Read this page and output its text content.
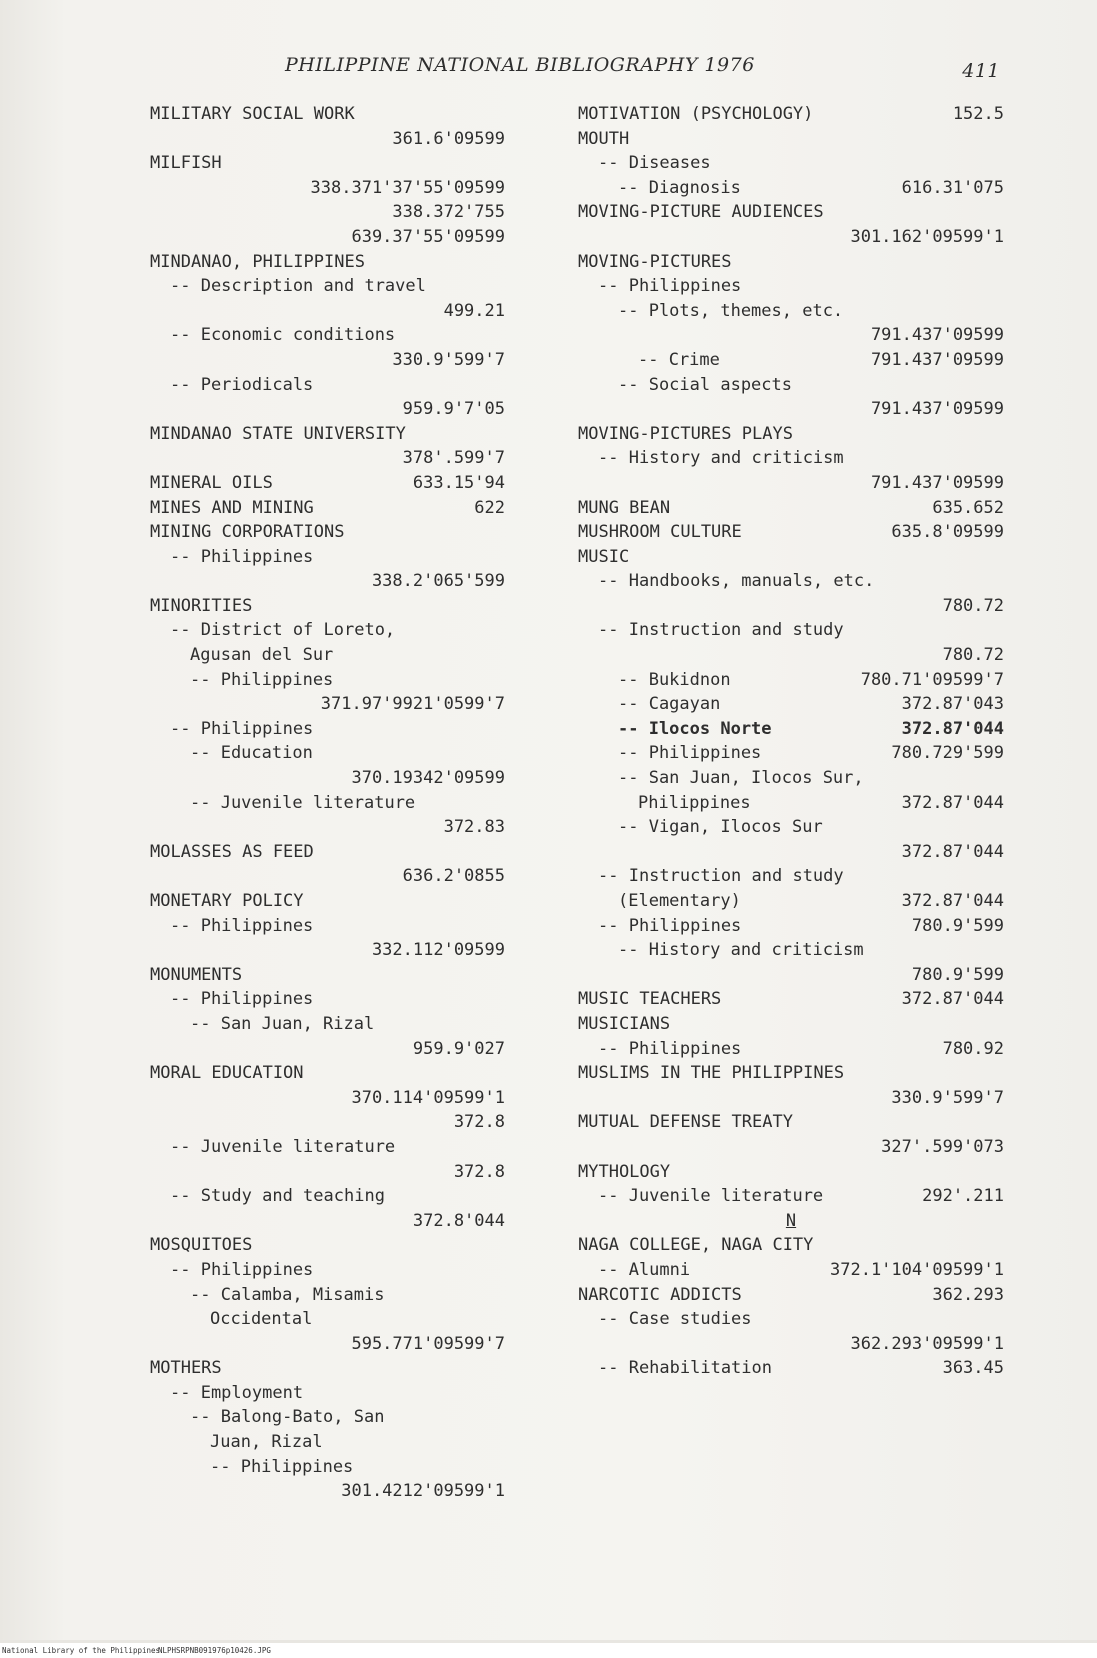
PHILIPPINE NATIONAL BIBLIOGRAPHY 1976	411
MILITARY SOCIAL WORK
361.6'09599
MILFISH
338.371'37'55'09599
338.372'755
639.37'55'09599
MINDANAO, PHILIPPINES
-- Description and travel
499.21
-- Economic conditions
330.9'599'7
-- Periodicals
959.9'7'05
MINDANAO STATE UNIVERSITY
378'.599'7
MINERAL OILS	633.15'94
MINES AND MINING	622
MINING CORPORATIONS
-- Philippines
338.2'065'599
MINORITIES
-- District of Loreto,
Agusan del Sur
-- Philippines
371.97'9921'0599'7
-- Philippines
-- Education
370.19342'09599
-- Juvenile literature
372.83
MOLASSES AS FEED
636.2'0855
MONETARY POLICY
-- Philippines
332.112'09599
MONUMENTS
-- Philippines
-- San Juan, Rizal
959.9'027
MORAL EDUCATION
370.114'09599'1
372.8
-- Juvenile literature
372.8
-- Study and teaching
372.8'044
MOSQUITOES
-- Philippines
-- Calamba, Misamis
Occidental
595.771'09599'7
MOTHERS
-- Employment
-- Balong-Bato, San
Juan, Rizal
-- Philippines
301.4212'09599'1
MOTIVATION (PSYCHOLOGY)	152.5
MOUTH
-- Diseases
-- Diagnosis	616.31'075
MOVING-PICTURE AUDIENCES
301.162'09599'1
MOVING-PICTURES
-- Philippines
-- Plots, themes, etc.
791.437'09599
-- Crime	791.437'09599
-- Social aspects
791.437'09599
MOVING-PICTURES PLAYS
-- History and criticism
791.437'09599
MUNG BEAN	635.652
MUSHROOM CULTURE	635.8'09599
MUSIC
-- Handbooks, manuals, etc.
780.72
-- Instruction and study
780.72
-- Bukidnon	780.71'09599'7
-- Cagayan	372.87'043
-- Ilocos Norte	372.87'044
-- Philippines	780.729'599
-- San Juan, Ilocos Sur,
Philippines	372.87'044
-- Vigan, Ilocos Sur
372.87'044
-- Instruction and study
(Elementary)	372.87'044
-- Philippines	780.9'599
-- History and criticism
780.9'599
MUSIC TEACHERS	372.87'044
MUSICIANS
-- Philippines	780.92
MUSLIMS IN THE PHILIPPINES
330.9'599'7
MUTUAL DEFENSE TREATY
327'.599'073
MYTHOLOGY
-- Juvenile literature	292'.211
N
NAGA COLLEGE, NAGA CITY
-- Alumni	372.1'104'09599'1
NARCOTIC ADDICTS	362.293
-- Case studies
362.293'09599'1
-- Rehabilitation	363.45
National Library of the Philippines
NLPHSRPNB091976p10426.JPG
